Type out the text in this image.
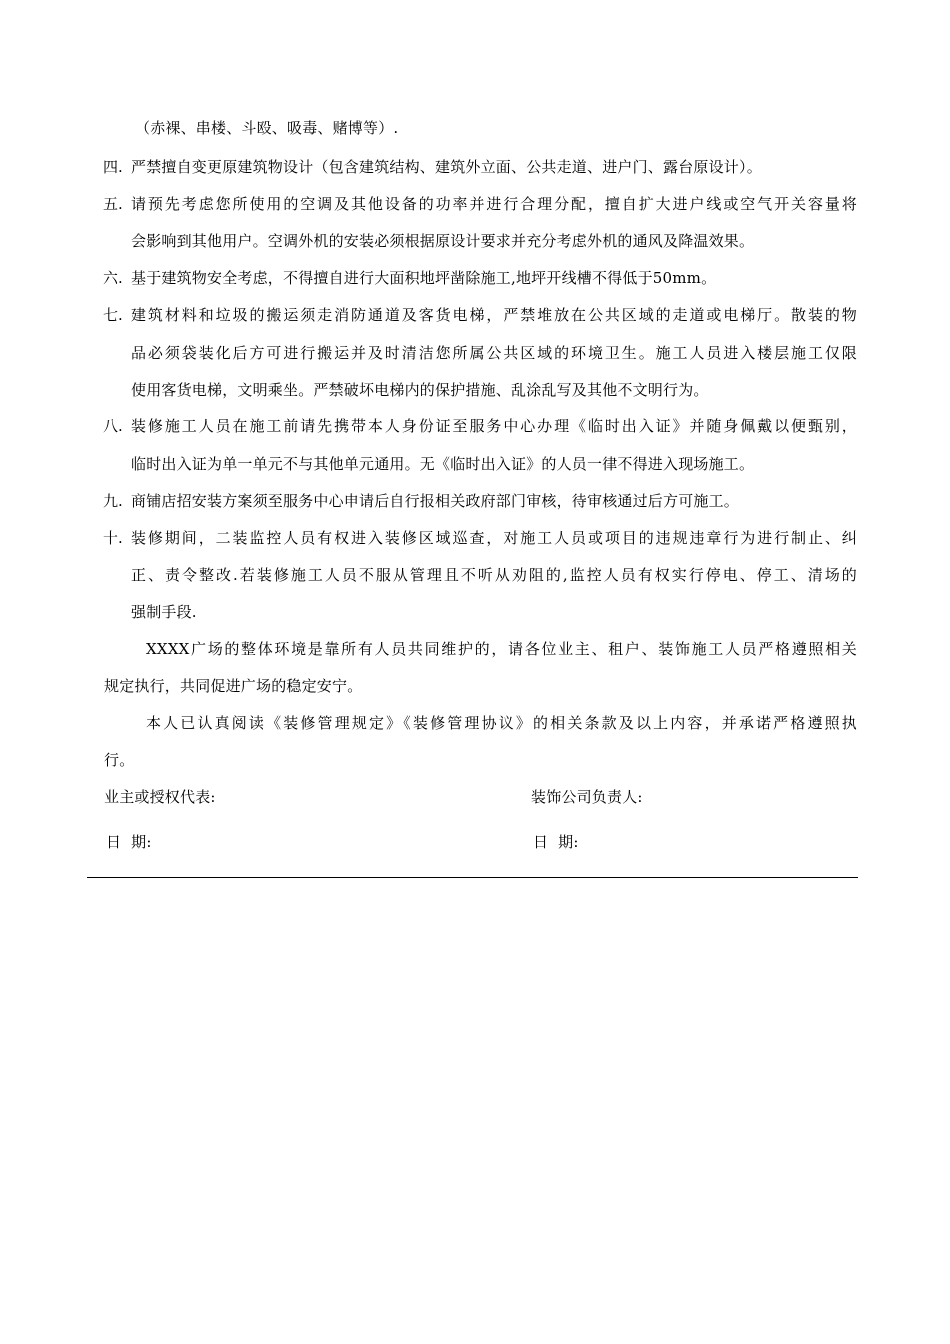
（赤裸、串楼、斗殴、吸毒、赌博等）.
四. 严禁擅自变更原建筑物设计（包含建筑结构、建筑外立面、公共走道、进户门、露台原设计）。
五. 请预先考虑您所使用的空调及其他设备的功率并进行合理分配，擅自扩大进户线或空气开关容量将
会影响到其他用户。空调外机的安装必须根据原设计要求并充分考虑外机的通风及降温效果。
六. 基于建筑物安全考虑，不得擅自进行大面积地坪凿除施工,地坪开线槽不得低于50mm。
七. 建筑材料和垃圾的搬运须走消防通道及客货电梯，严禁堆放在公共区域的走道或电梯厅。散装的物
品必须袋装化后方可进行搬运并及时清洁您所属公共区域的环境卫生。施工人员进入楼层施工仅限
使用客货电梯，文明乘坐。严禁破坏电梯内的保护措施、乱涂乱写及其他不文明行为。
八. 装修施工人员在施工前请先携带本人身份证至服务中心办理《临时出入证》并随身佩戴以便甄别，
临时出入证为单一单元不与其他单元通用。无《临时出入证》的人员一律不得进入现场施工。
九. 商铺店招安装方案须至服务中心申请后自行报相关政府部门审核，待审核通过后方可施工。
十. 装修期间，二装监控人员有权进入装修区域巡查，对施工人员或项目的违规违章行为进行制止、纠
正、责令整改.若装修施工人员不服从管理且不听从劝阻的,监控人员有权实行停电、停工、清场的
强制手段.
XXXX广场的整体环境是靠所有人员共同维护的，请各位业主、租户、装饰施工人员严格遵照相关
规定执行，共同促进广场的稳定安宁。
本人已认真阅读《装修管理规定》《装修管理协议》的相关条款及以上内容，并承诺严格遵照执
行。
业主或授权代表:	装饰公司负责人:
日  期:	日  期:
